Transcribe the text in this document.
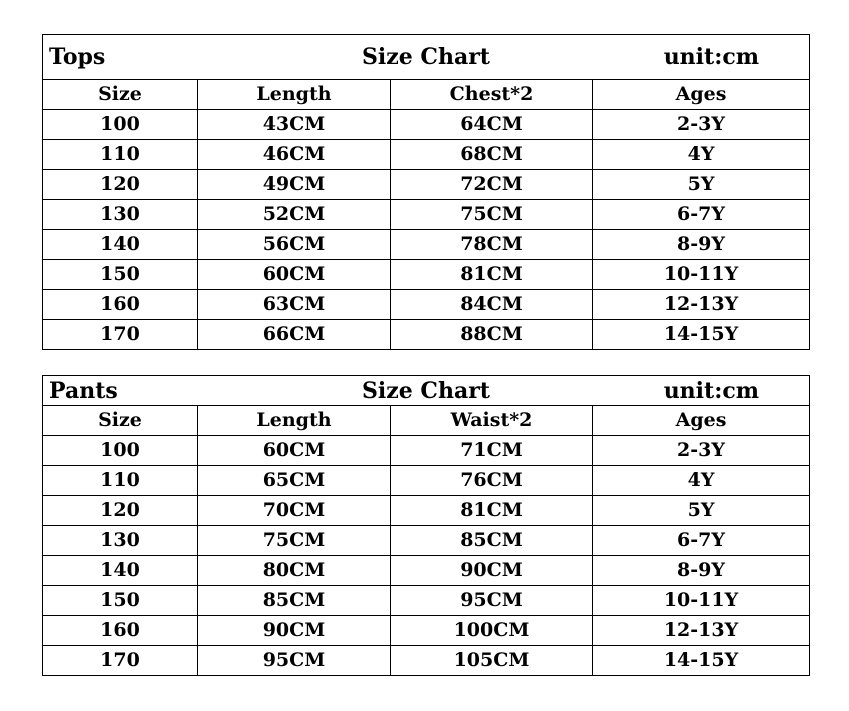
Tops Size Chart unit:cm			

Size	Length	Chest*2	Ages
100	43CM	64CM	2-3Y
110	46CM	68CM	4Y
120	49CM	72CM	5Y
130	52CM	75CM	6-7Y
140	56CM	78CM	8-9Y
150	60CM	81CM	10-11Y
160	63CM	84CM	12-13Y
170	66CM	88CM	14-15Y
Pants Size Chart unit:cm			

Size	Length	Waist*2	Ages
100	60CM	71CM	2-3Y
110	65CM	76CM	4Y
120	70CM	81CM	5Y
130	75CM	85CM	6-7Y
140	80CM	90CM	8-9Y
150	85CM	95CM	10-11Y
160	90CM	100CM	12-13Y
170	95CM	105CM	14-15Y
